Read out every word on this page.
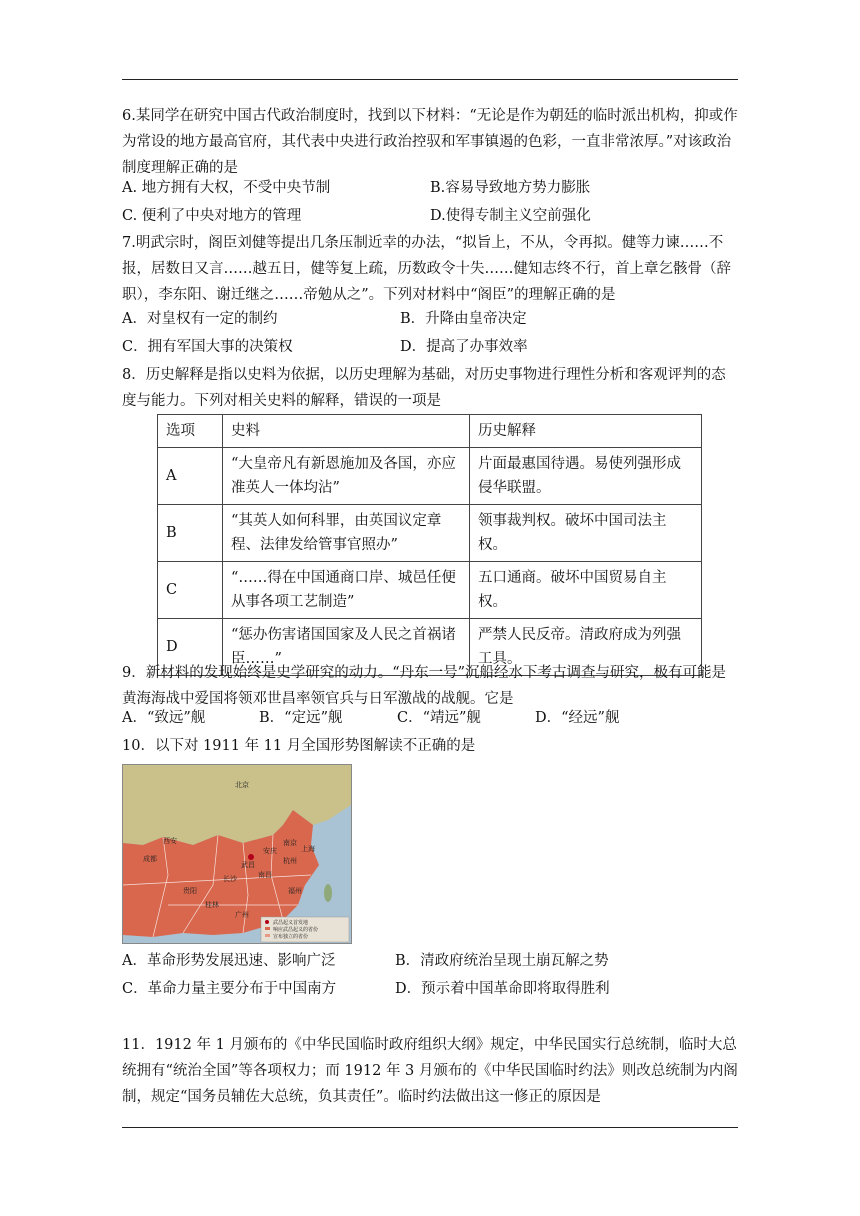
6.某同学在研究中国古代政治制度时，找到以下材料：“无论是作为朝廷的临时派出机构，抑或作为常设的地方最高官府，其代表中央进行政治控驭和军事镇遏的色彩，一直非常浓厚。”对该政治制度理解正确的是

A. 地方拥有大权，不受中央节制	B.容易导致地方势力膨胀
C. 便利了中央对地方的管理	D.使得专制主义空前强化

7.明武宗时，阁臣刘健等提出几条压制近幸的办法，“拟旨上，不从，令再拟。健等力谏……不报，居数日又言……越五日，健等复上疏，历数政令十失……健知志终不行，首上章乞骸骨（辞职），李东阳、谢迁继之……帝勉从之”。下列对材料中“阁臣”的理解正确的是

A．对皇权有一定的制约	B．升降由皇帝决定
C．拥有军国大事的决策权	D．提高了办事效率

8．历史解释是指以史料为依据，以历史理解为基础，对历史事物进行理性分析和客观评判的态度与能力。下列对相关史料的解释，错误的一项是

选项	史料	历史解释
A	“大皇帝凡有新恩施加及各国，亦应准英人一体均沾”	片面最惠国待遇。易使列强形成侵华联盟。
B	“其英人如何科罪，由英国议定章程、法律发给管事官照办”	领事裁判权。破坏中国司法主权。
C	“……得在中国通商口岸、城邑任便从事各项工艺制造”	五口通商。破坏中国贸易自主权。
D	“惩办伤害诸国国家及人民之首祸诸臣……”	严禁人民反帝。清政府成为列强工具。

9．新材料的发现始终是史学研究的动力。“丹东一号”沉船经水下考古调查与研究，极有可能是黄海海战中爱国将领邓世昌率领官兵与日军激战的战舰。它是

A．“致远”舰	B．“定远”舰	C．“靖远”舰	D．“经远”舰

10．以下对 1911 年 11 月全国形势图解读不正确的是

北京
西安
成都
武昌
南京
安庆
杭州
上海
长沙	南昌
福州
贵阳
桂林
广州
武昌起义首发地
响应武昌起义的省份
宣布独立的省份
A．革命形势发展迅速、影响广泛	B．清政府统治呈现土崩瓦解之势
C．革命力量主要分布于中国南方	D．预示着中国革命即将取得胜利

11．1912 年 1 月颁布的《中华民国临时政府组织大纲》规定，中华民国实行总统制，临时大总统拥有“统治全国”等各项权力；而 1912 年 3 月颁布的《中华民国临时约法》则改总统制为内阁制，规定“国务员辅佐大总统，负其责任”。临时约法做出这一修正的原因是
